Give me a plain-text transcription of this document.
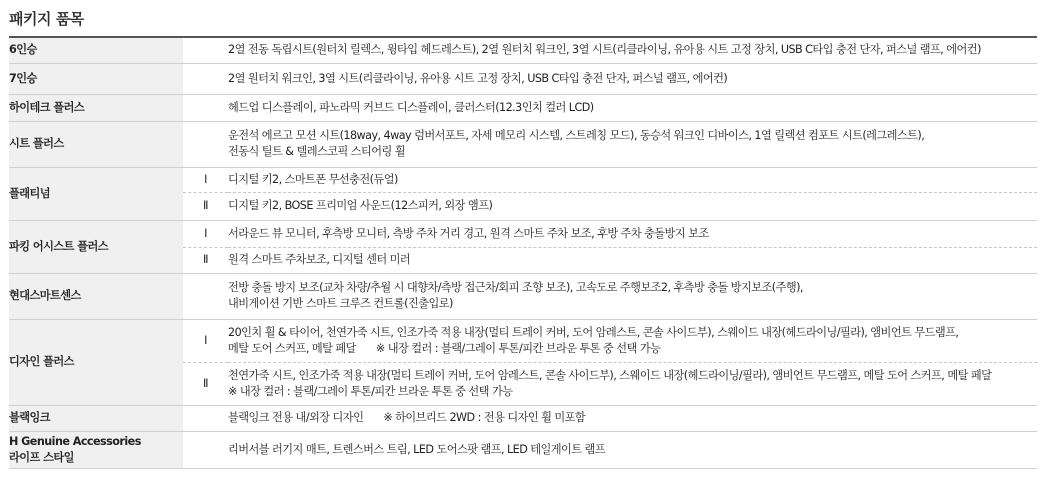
패키지 품목
6인승		2열 전동 독립시트(원터치 릴렉스, 윙타입 헤드레스트), 2열 원터치 워크인, 3열 시트(리클라이닝, 유아용 시트 고정 장치, USB C타입 충전 단자, 퍼스널 램프, 에어컨)

7인승		2열 원터치 워크인, 3열 시트(리클라이닝, 유아용 시트 고정 장치, USB C타입 충전 단자, 퍼스널 램프, 에어컨)

하이테크 플러스		헤드업 디스플레이, 파노라믹 커브드 디스플레이, 클러스터(12.3인치 컬러 LCD)

시트 플러스		운전석 에르고 모션 시트(18way, 4way 럼버서포트, 자세 메모리 시스템, 스트레칭 모드), 동승석 워크인 디바이스, 1열 릴렉션 컴포트 시트(레그레스트),

전동식 틸트 & 텔레스코픽 스티어링 휠

플래티넘	Ⅰ	디지털 키2, 스마트폰 무선충전(듀얼)

	Ⅱ	디지털 키2, BOSE 프리미엄 사운드(12스피커, 외장 앰프)

파킹 어시스트 플러스	Ⅰ	서라운드 뷰 모니터, 후측방 모니터, 측방 주차 거리 경고, 원격 스마트 주차 보조, 후방 주차 충돌방지 보조

	Ⅱ	원격 스마트 주차보조, 디지털 센터 미러

현대스마트센스		전방 충돌 방지 보조(교차 차량/추월 시 대향차/측방 접근차/회피 조향 보조), 고속도로 주행보조2, 후측방 충돌 방지보조(주행),

내비게이션 기반 스마트 크루즈 컨트롤(진출입로)

디자인 플러스	Ⅰ	20인치 휠 & 타이어, 천연가죽 시트, 인조가죽 적용 내장(멀티 트레이 커버, 도어 암레스트, 콘솔 사이드부), 스웨이드 내장(헤드라이닝/필라), 앰비언트 무드램프,

메탈 도어 스커프, 메탈 페달 ※ 내장 컬러 : 블랙/그레이 투톤/피칸 브라운 투톤 중 선택 가능

	Ⅱ	천연가죽 시트, 인조가죽 적용 내장(멀티 트레이 커버, 도어 암레스트, 콘솔 사이드부), 스웨이드 내장(헤드라이닝/필라), 앰비언트 무드램프, 메탈 도어 스커프, 메탈 페달

※ 내장 컬러 : 블랙/그레이 투톤/피칸 브라운 투톤 중 선택 가능

블랙잉크		블랙잉크 전용 내/외장 디자인 ※ 하이브리드 2WD : 전용 디자인 휠 미포함

H Genuine Accessories
라이프 스타일		리버서블 러기지 매트, 트렌스버스 트림, LED 도어스팟 램프, LED 테일게이트 램프
